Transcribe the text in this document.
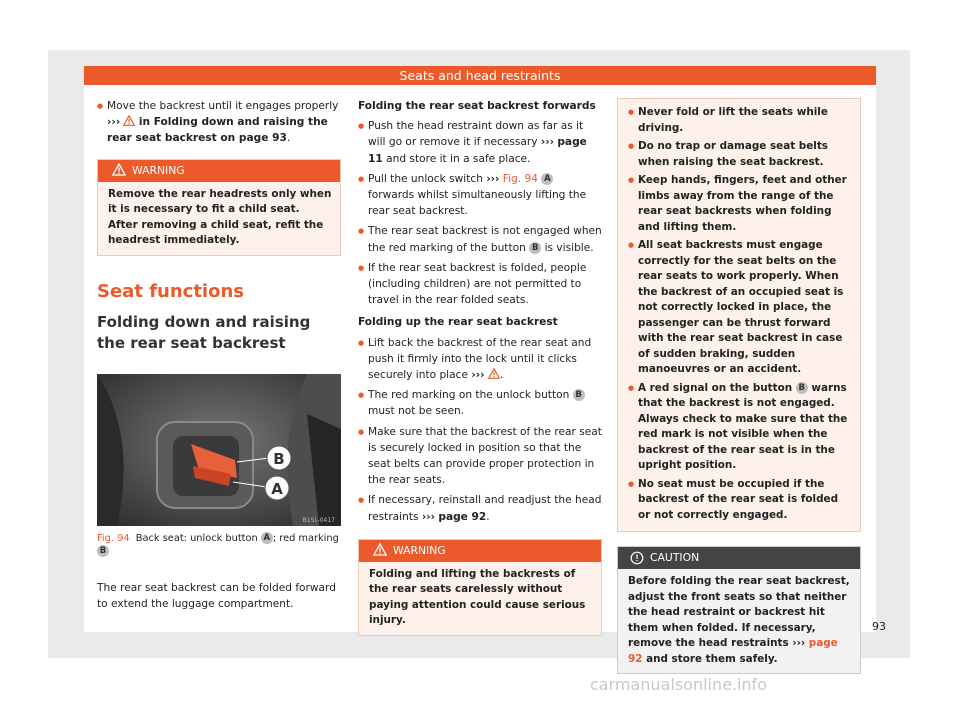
Seats and head restraints

● Move the backrest until it engages properly
››› in Folding down and raising the rear seat backrest on page 93.

WARNING
Remove the rear headrests only when it is necessary to fit a child seat. After removing a child seat, refit the headrest immediately.
Seat functions
Folding down and raising the rear seat backrest
B
A
B1SL-0417

Fig. 94 Back seat: unlock button A ; red marking B

The rear seat backrest can be folded forward to extend the luggage compartment.

Folding the rear seat backrest forwards

● Push the head restraint down as far as it will go or remove it if necessary ››› page 11 and store it in a safe place.

● Pull the unlock switch ››› Fig. 94 A forwards whilst simultaneously lifting the rear seat backrest.

● The rear seat backrest is not engaged when the red marking of the button B is visible.

● If the rear seat backrest is folded, people (including children) are not permitted to travel in the rear folded seats.

Folding up the rear seat backrest

● Lift back the backrest of the rear seat and push it firmly into the lock until it clicks securely into place ››› .

● The red marking on the unlock button B must not be seen.

● Make sure that the backrest of the rear seat is securely locked in position so that the seat belts can provide proper protection in the rear seats.

● If necessary, reinstall and readjust the head restraints ››› page 92.

WARNING
Folding and lifting the backrests of the rear seats carelessly without paying attention could cause serious injury.

● Never fold or lift the seats while driving.

● Do no trap or damage seat belts when raising the seat backrest.

● Keep hands, fingers, feet and other limbs away from the range of the rear seat backrests when folding and lifting them.

● All seat backrests must engage correctly for the seat belts on the rear seats to work properly. When the backrest of an occupied seat is not correctly locked in place, the passenger can be thrust forward with the rear seat backrest in case of sudden braking, sudden manoeuvres or an accident.

● A red signal on the button B warns that the backrest is not engaged. Always check to make sure that the red mark is not visible when the backrest of the rear seat is in the upright position.

● No seat must be occupied if the backrest of the rear seat is folded or not correctly engaged.

CAUTION
Before folding the rear seat backrest, adjust the front seats so that neither the head restraint or backrest hit them when folded. If necessary, remove the head restraints ››› page 92 and store them safely.
93
carmanualsonline.info
